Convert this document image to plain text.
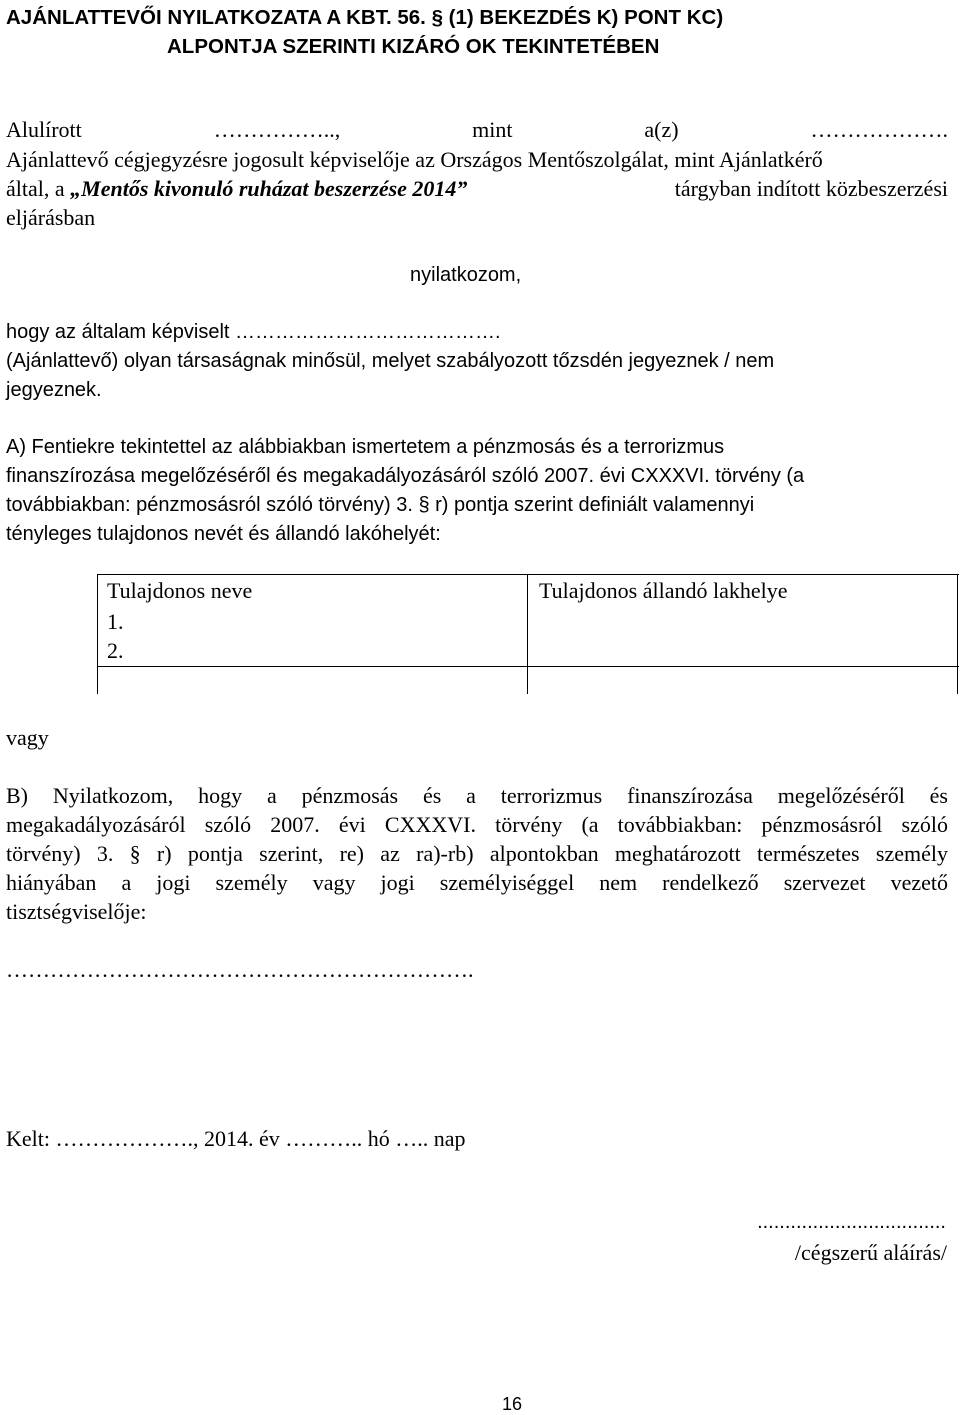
AJÁNLATTEVŐI NYILATKOZATA A KBT. 56. § (1) BEKEZDÉS K) PONT KC)
ALPONTJA SZERINTI KIZÁRÓ OK TEKINTETÉBEN
Alulírott	……………..,	mint	a(z)	……………….
Ajánlattevő cégjegyzésre jogosult képviselője az Országos Mentőszolgálat, mint Ajánlatkérő
által, a „Mentős kivonuló ruházat beszerzése 2014”	tárgyban indított közbeszerzési
eljárásban
nyilatkozom,
hogy az általam képviselt ………………………………….
(Ajánlattevő) olyan társaságnak minősül, melyet szabályozott tőzsdén jegyeznek / nem
jegyeznek.
A) Fentiekre tekintettel az alábbiakban ismertetem a pénzmosás és a terrorizmus
finanszírozása megelőzéséről és megakadályozásáról szóló 2007. évi CXXXVI. törvény (a
továbbiakban: pénzmosásról szóló törvény) 3. § r) pontja szerint definiált valamennyi
tényleges tulajdonos nevét és állandó lakóhelyét:
Tulajdonos neve	Tulajdonos állandó lakhelye
1.
2.
vagy
B) Nyilatkozom, hogy a pénzmosás és a terrorizmus finanszírozása megelőzéséről és
megakadályozásáról szóló 2007. évi CXXXVI. törvény (a továbbiakban: pénzmosásról szóló
törvény) 3. § r) pontja szerint, re) az ra)-rb) alpontokban meghatározott természetes személy
hiányában a jogi személy vagy jogi személyiséggel nem rendelkező szervezet vezető
tisztségviselője:
……………………………………………………….
Kelt: ………………., 2014. év ……….. hó ….. nap
..................................
/cégszerű aláírás/
16
